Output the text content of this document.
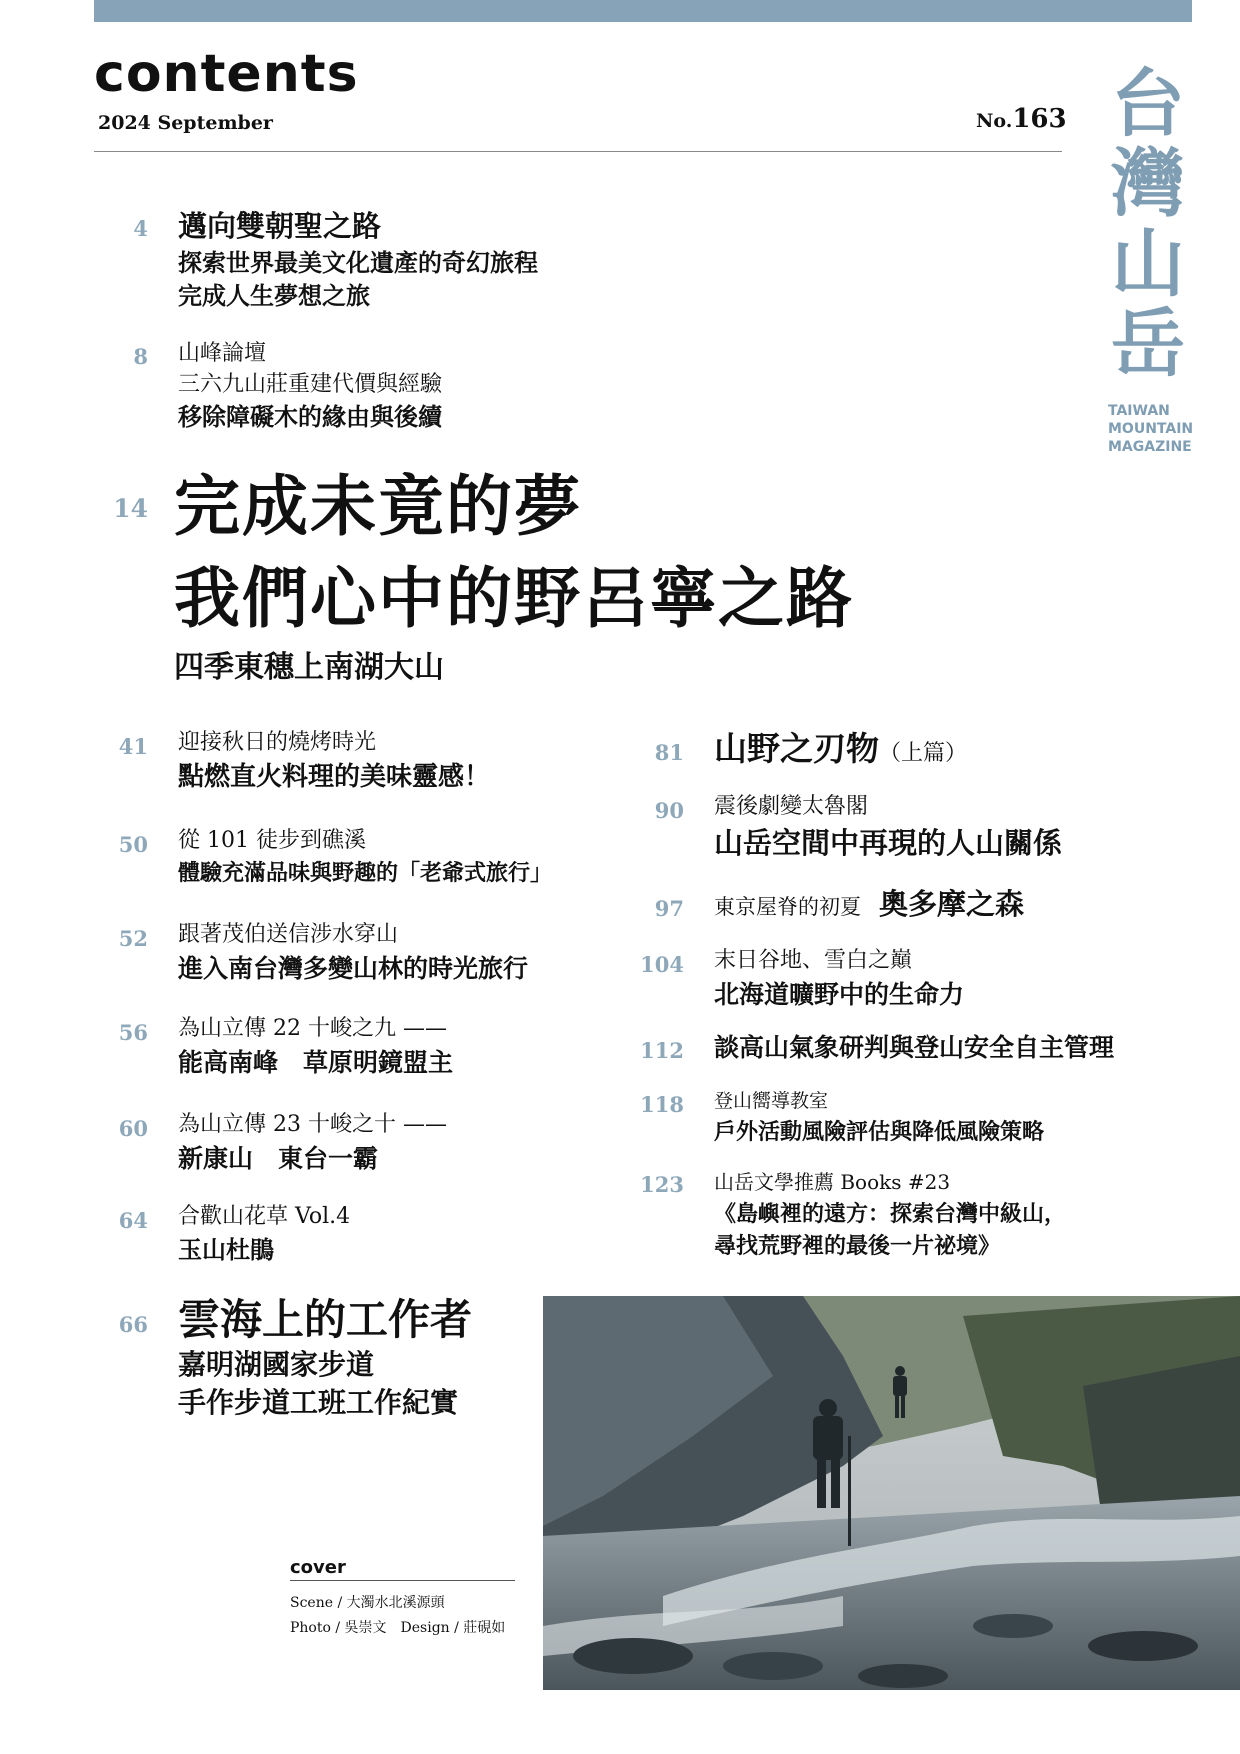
contents
2024 September	No.163 台
灣
山
岳
TAIWAN
MOUNTAIN
MAGAZINE
4 邁向雙朝聖之路
探索世界最美文化遺產的奇幻旅程
完成人生夢想之旅
8 山峰論壇
三六九山莊重建代價與經驗
移除障礙木的緣由與後續
14 完成未竟的夢
我們心中的野呂寧之路
四季東穗上南湖大山
41 迎接秋日的燒烤時光
點燃直火料理的美味靈感！
50 從 101 徒步到礁溪
體驗充滿品味與野趣的「老爺式旅行」
52 跟著茂伯送信涉水穿山
進入南台灣多變山林的時光旅行
56 為山立傳 22 十峻之九 ——
能高南峰　草原明鏡盟主
60 為山立傳 23 十峻之十 ——
新康山　東台一霸
64 合歡山花草 Vol.4
玉山杜鵑
66 雲海上的工作者
嘉明湖國家步道
手作步道工班工作紀實
81 山野之刃物（上篇）
90 震後劇變太魯閣
山岳空間中再現的人山關係
97 東京屋脊的初夏 奧多摩之森
104 末日谷地、雪白之巔
北海道曠野中的生命力
112 談高山氣象研判與登山安全自主管理
118 登山嚮導教室
戶外活動風險評估與降低風險策略
123 山岳文學推薦 Books #23
《島嶼裡的遠方：探索台灣中級山，
尋找荒野裡的最後一片祕境》
cover
Scene / 大濁水北溪源頭
Photo / 吳崇文　Design / 莊硯如
